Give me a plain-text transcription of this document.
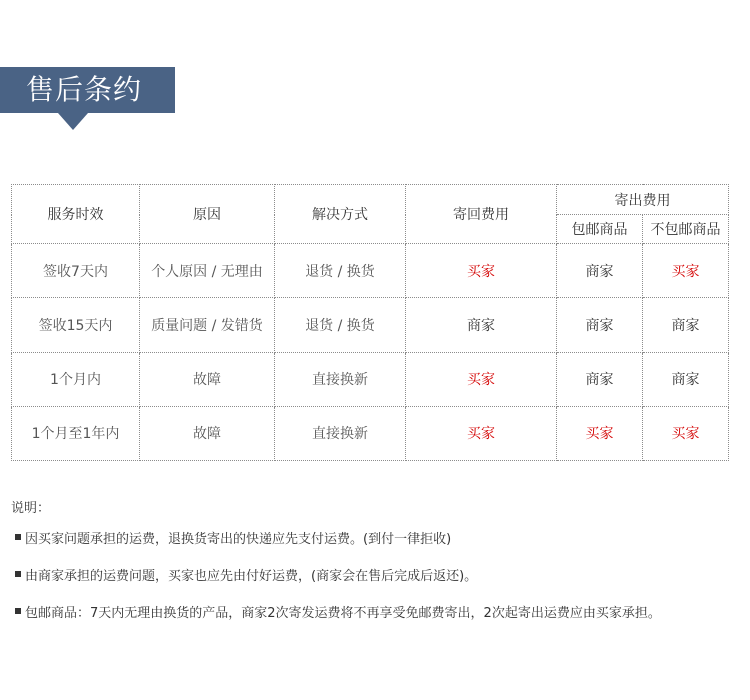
售后条约
服务时效	原因	解决方式	寄回费用	寄出费用	
				包邮商品	不包邮商品
签收7天内	个人原因 / 无理由	退货 / 换货	买家	商家	买家
签收15天内	质量问题 / 发错货	退货 / 换货	商家	商家	商家
1个月内	故障	直接换新	买家	商家	商家
1个月至1年内	故障	直接换新	买家	买家	买家
说明：
因买家问题承担的运费，退换货寄出的快递应先支付运费。(到付一律拒收)
由商家承担的运费问题，买家也应先由付好运费，(商家会在售后完成后返还)。
包邮商品：7天内无理由换货的产品，商家2次寄发运费将不再享受免邮费寄出，2次起寄出运费应由买家承担。
